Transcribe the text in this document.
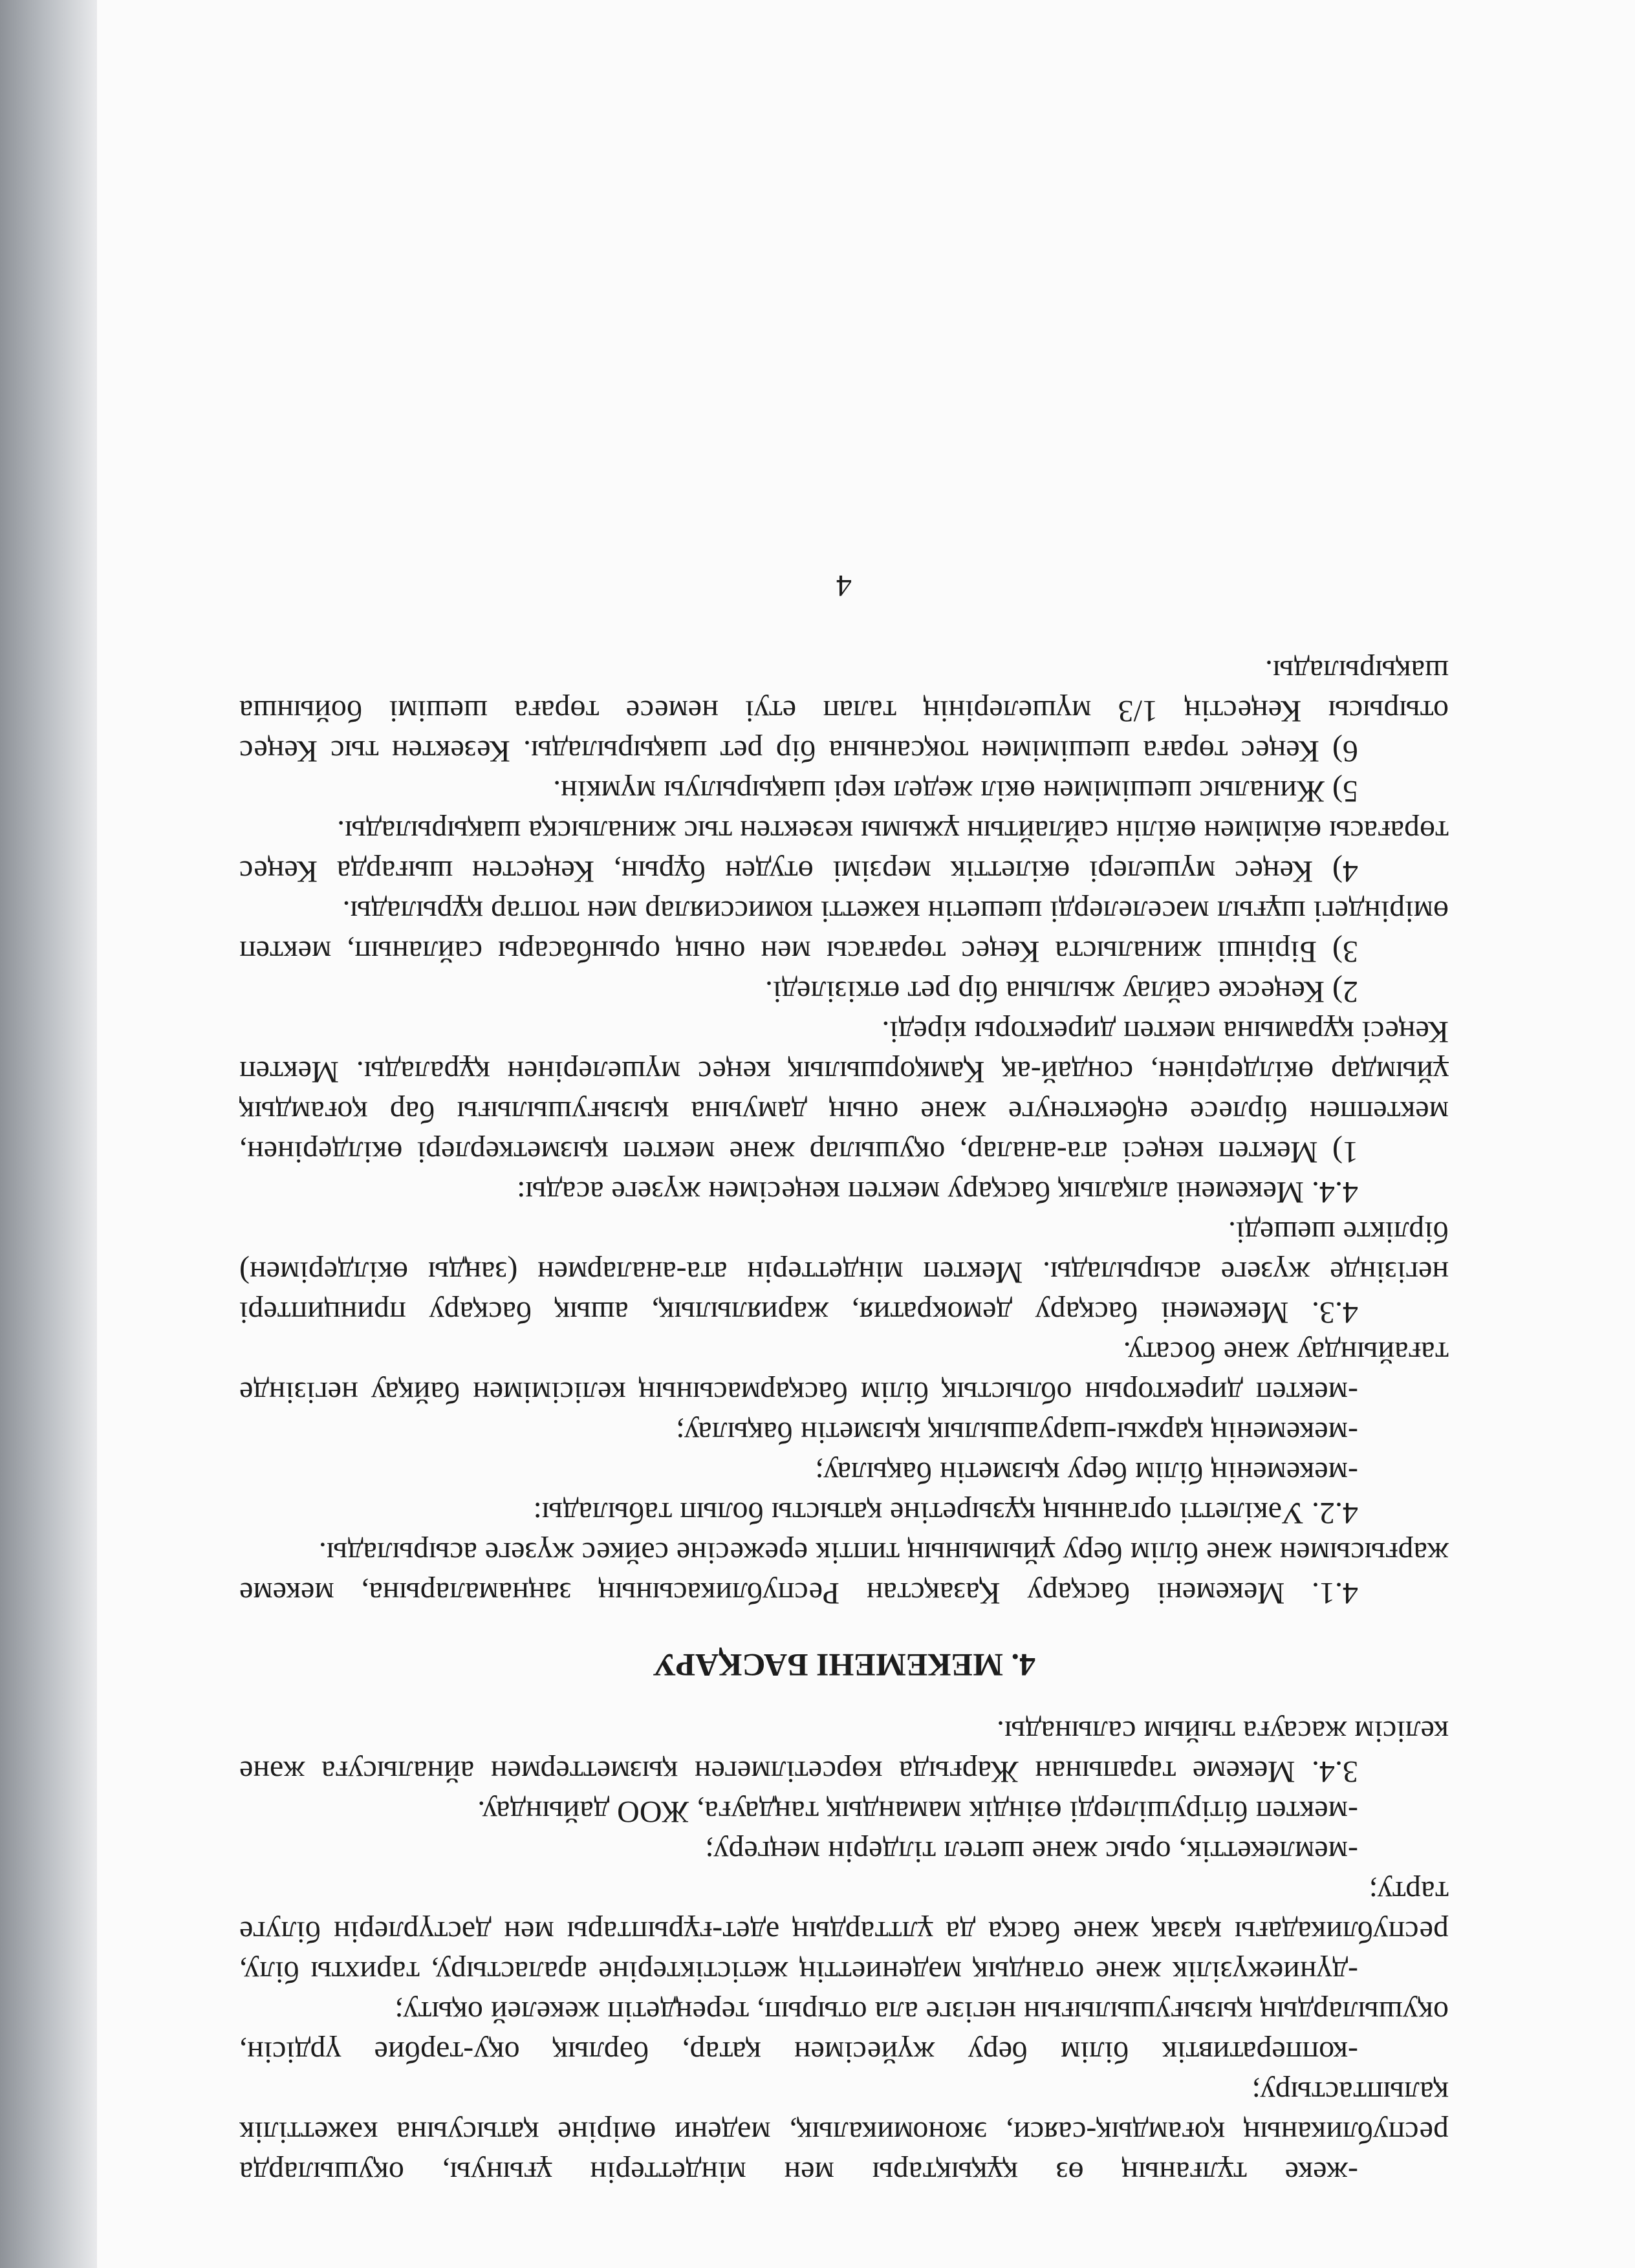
-жеке тұлғаның өз құқықтары мен міндеттерін ұғынуы, оқушыларда республиканың қоғамдық-саяси, экономикалық, мәдени өміріне қатысуына кәжеттілік қалыптастыру;

-копперативтік білім беру жүйесімен қатар, бәрлық оқу-тәрбие үрдісін, оқушылардың қызығушылығын негізге ала отырып, тереңдетіп жекелей оқыту;

-дүниежүзілік және отандық мәдениеттің жетістіктеріне араластыру, тарихты білу, республикадағы қазақ және басқа да ұлттардың әдет-ғұрыптары мен дәстүрлерін білуге тарту;

-мемлекеттік, орыс және шетел тілдерін меңгеру;

-мектеп бітірушілерді өзіндік мамандық таңдауға, ЖОО дайындау.

3.4. Мекеме тарапынан Жарғыда көрсетілмеген қызметтермен айналысуға және келісім жасауға тыйым салынады.

4. МЕКЕМЕНІ БАСҚАРУ

4.1. Мекемені басқару Қазақстан Республикасының заңнамаларына, мекеме жарғысымен және білім беру ұйымының типтік ережесіне сәйкес жүзеге асырылады.

4.2. Уәкілетті органның құзыретіне қатысты болып табылады:

-мекеменің білім беру қызметін бақылау;

-мекеменің қаржы-шаруашылық қызметін бақылау;

-мектеп директорын облыстық білім басқармасының келісімімен байқау негізінде тағайындау және босату.

4.3. Мекемені басқару демократия, жариялылық, ашық басқару принциптері негізінде жүзеге асырылады. Мектеп міндеттерін ата-аналармен (заңды өкілдерімен) бірлікте шешеді.

4.4. Мекемені алқалық басқару мектеп кеңесімен жүзеге асады:

1) Мектеп кеңесі ата-аналар, оқушылар және мектеп қызметкерлері өкілдерінен, мектеппен бірлесе еңбектенуге және оның дамуына қызығушылығы бар қоғамдық ұйымдар өкілдерінен, сондай-ақ Қамқоршылық кеңес мүшелерінен құралады. Мектеп Кеңесі құрамына мектеп директоры кіреді.

2) Кеңеске сайлау жылына бір рет өткізіледі.

3) Бірінші жиналыста Кеңес төрағасы мен оның орынбасары сайланып, мектеп өміріндегі шұғыл мәселелерді шешетін кәжетті комиссиялар мен топтар құрылады.

4) Кеңес мүшелері өкілеттік мерзімі өтуден бұрын, Кеңестен шығарда Кеңес төрағасы өкімімен өкілін сайлайтын ұжымы кезектен тыс жиналысқа шақырылады.

5) Жиналыс шешімімен өкіл жедел кері шақырылуы мүмкін.

6) Кеңес төраға шешімімен тоқсанына бір рет шақырылады. Кезектен тыс Кеңес отырысы Кеңестің 1/3 мүшелерінің талап етуі немесе төраға шешімі бойынша шақырылады.

4
